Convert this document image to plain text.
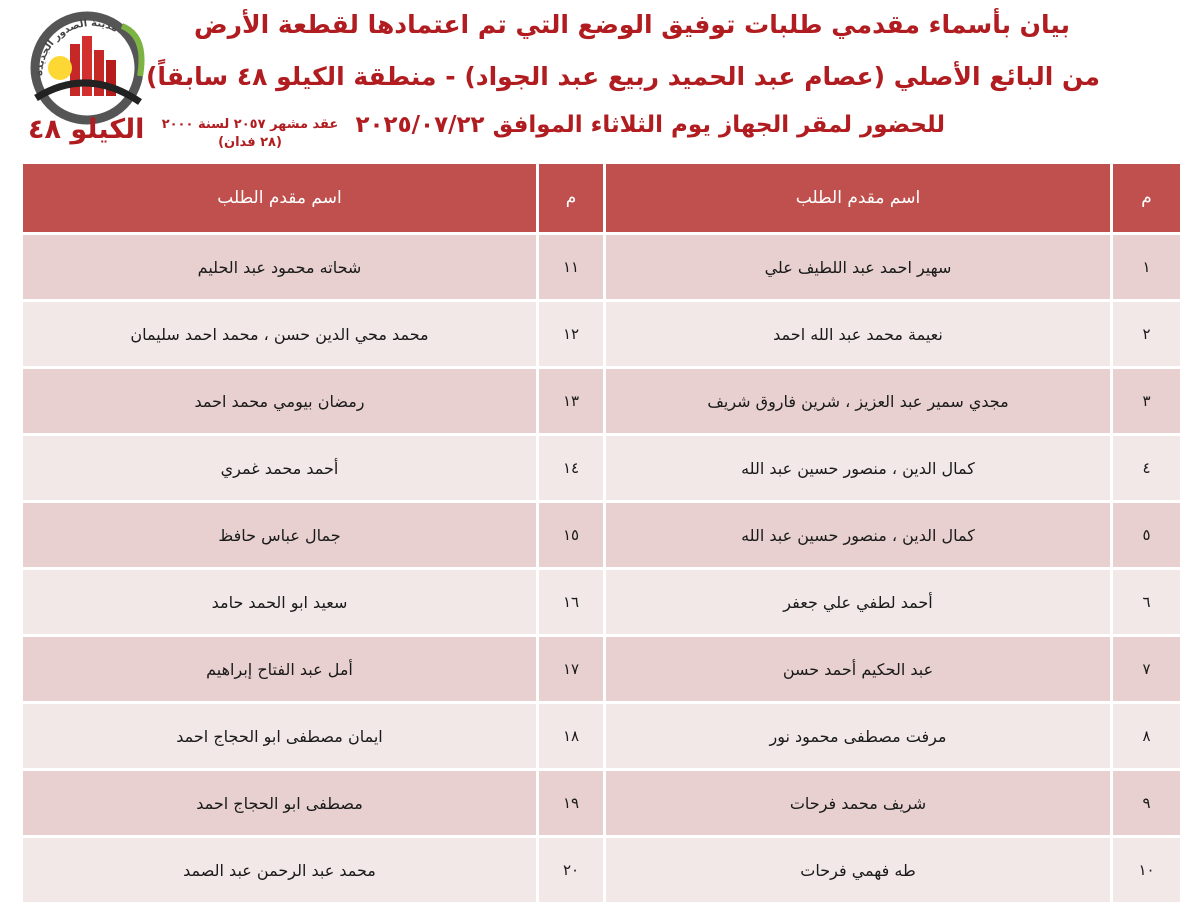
بيان بأسماء مقدمي طلبات توفيق الوضع التي تم اعتمادها لقطعة الأرض
من البائع الأصلي (عصام عبد الحميد ربيع عبد الجواد) - منطقة الكيلو ٤٨ سابقاً)
للحضور لمقر الجهاز يوم الثلاثاء الموافق ٢٠٢٥/٠٧/٢٢
مدينة الصدور الجديدة
الكيلو ٤٨	عقد مشهر ٢٠٥٧ لسنة ٢٠٠٠
(٢٨ فدان)
م	اسم مقدم الطلب	م	اسم مقدم الطلب
١	سهير احمد عبد اللطيف علي	١١	شحاته محمود عبد الحليم
٢	نعيمة محمد عبد الله احمد	١٢	محمد محي الدين حسن ، محمد احمد سليمان
٣	مجدي سمير عبد العزيز ، شرين فاروق شريف	١٣	رمضان بيومي محمد احمد
٤	كمال الدين ، منصور حسين عبد الله	١٤	أحمد محمد غمري
٥	كمال الدين ، منصور حسين عبد الله	١٥	جمال عباس حافظ
٦	أحمد لطفي علي جعفر	١٦	سعيد ابو الحمد حامد
٧	عبد الحكيم أحمد حسن	١٧	أمل عبد الفتاح إبراهيم
٨	مرفت مصطفى محمود نور	١٨	ايمان مصطفى ابو الحجاج احمد
٩	شريف محمد فرحات	١٩	مصطفى ابو الحجاج احمد
١٠	طه فهمي فرحات	٢٠	محمد عبد الرحمن عبد الصمد
